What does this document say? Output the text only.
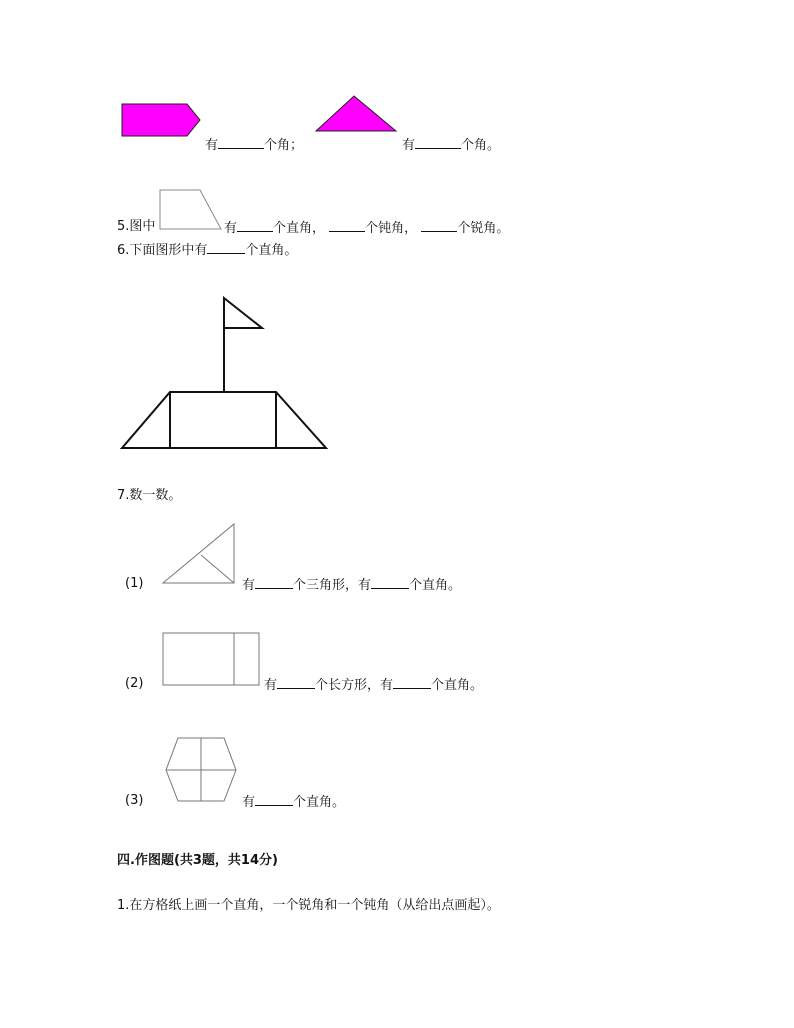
有	个角；	有	个角。
5.图中	有	个直角，	个钝角，	个锐角。
6.下面图形中有	个直角。
7.数一数。
(1)	有	个三角形，有	个直角。
(2)	有	个长方形，有	个直角。
(3)	有	个直角。
四.作图题(共3题，共14分)
1.在方格纸上画一个直角，一个锐角和一个钝角（从给出点画起）。
